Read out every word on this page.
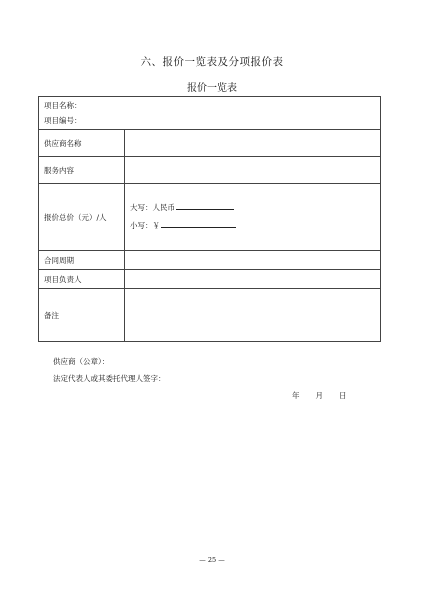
六、报价一览表及分项报价表
报价一览表
项目名称：
项目编号：	

供应商名称	
服务内容	
报价总价（元）/人	大写：人民币
小写：￥

合同周期	
项目负责人	
备注	
供应商（公章）：
法定代表人或其委托代理人签字：
年 月 日
— 25 —
